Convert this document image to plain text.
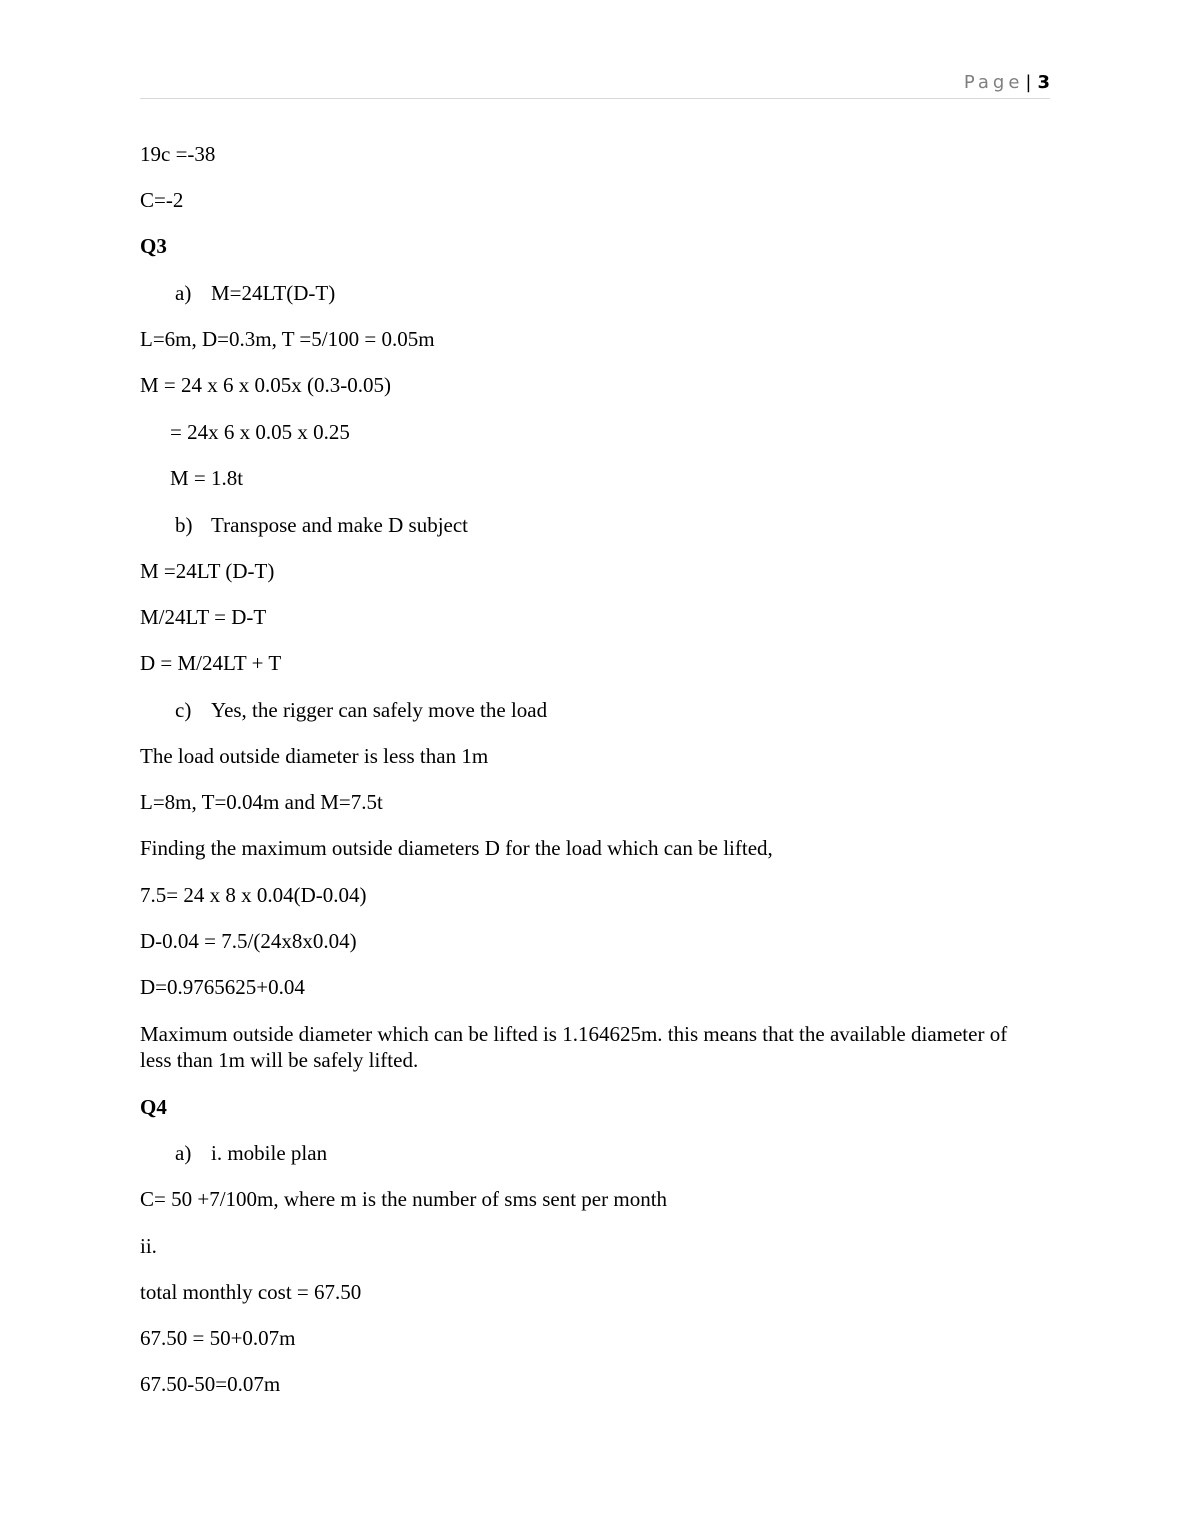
Page | 3
19c =-38
C=-2
Q3
a) M=24LT(D-T)
L=6m, D=0.3m, T =5/100 = 0.05m
M = 24 x 6 x 0.05x (0.3-0.05)
= 24x 6 x 0.05 x 0.25
M = 1.8t
b) Transpose and make D subject
M =24LT (D-T)
M/24LT = D-T
D = M/24LT + T
c) Yes, the rigger can safely move the load
The load outside diameter is less than 1m
L=8m, T=0.04m and M=7.5t
Finding the maximum outside diameters D for the load which can be lifted,
7.5= 24 x 8 x 0.04(D-0.04)
D-0.04 = 7.5/(24x8x0.04)
D=0.9765625+0.04
Maximum outside diameter which can be lifted is 1.164625m. this means that the available diameter of less than 1m will be safely lifted.
Q4
a) i. mobile plan
C= 50 +7/100m, where m is the number of sms sent per month
ii.
total monthly cost = 67.50
67.50 = 50+0.07m
67.50-50=0.07m
